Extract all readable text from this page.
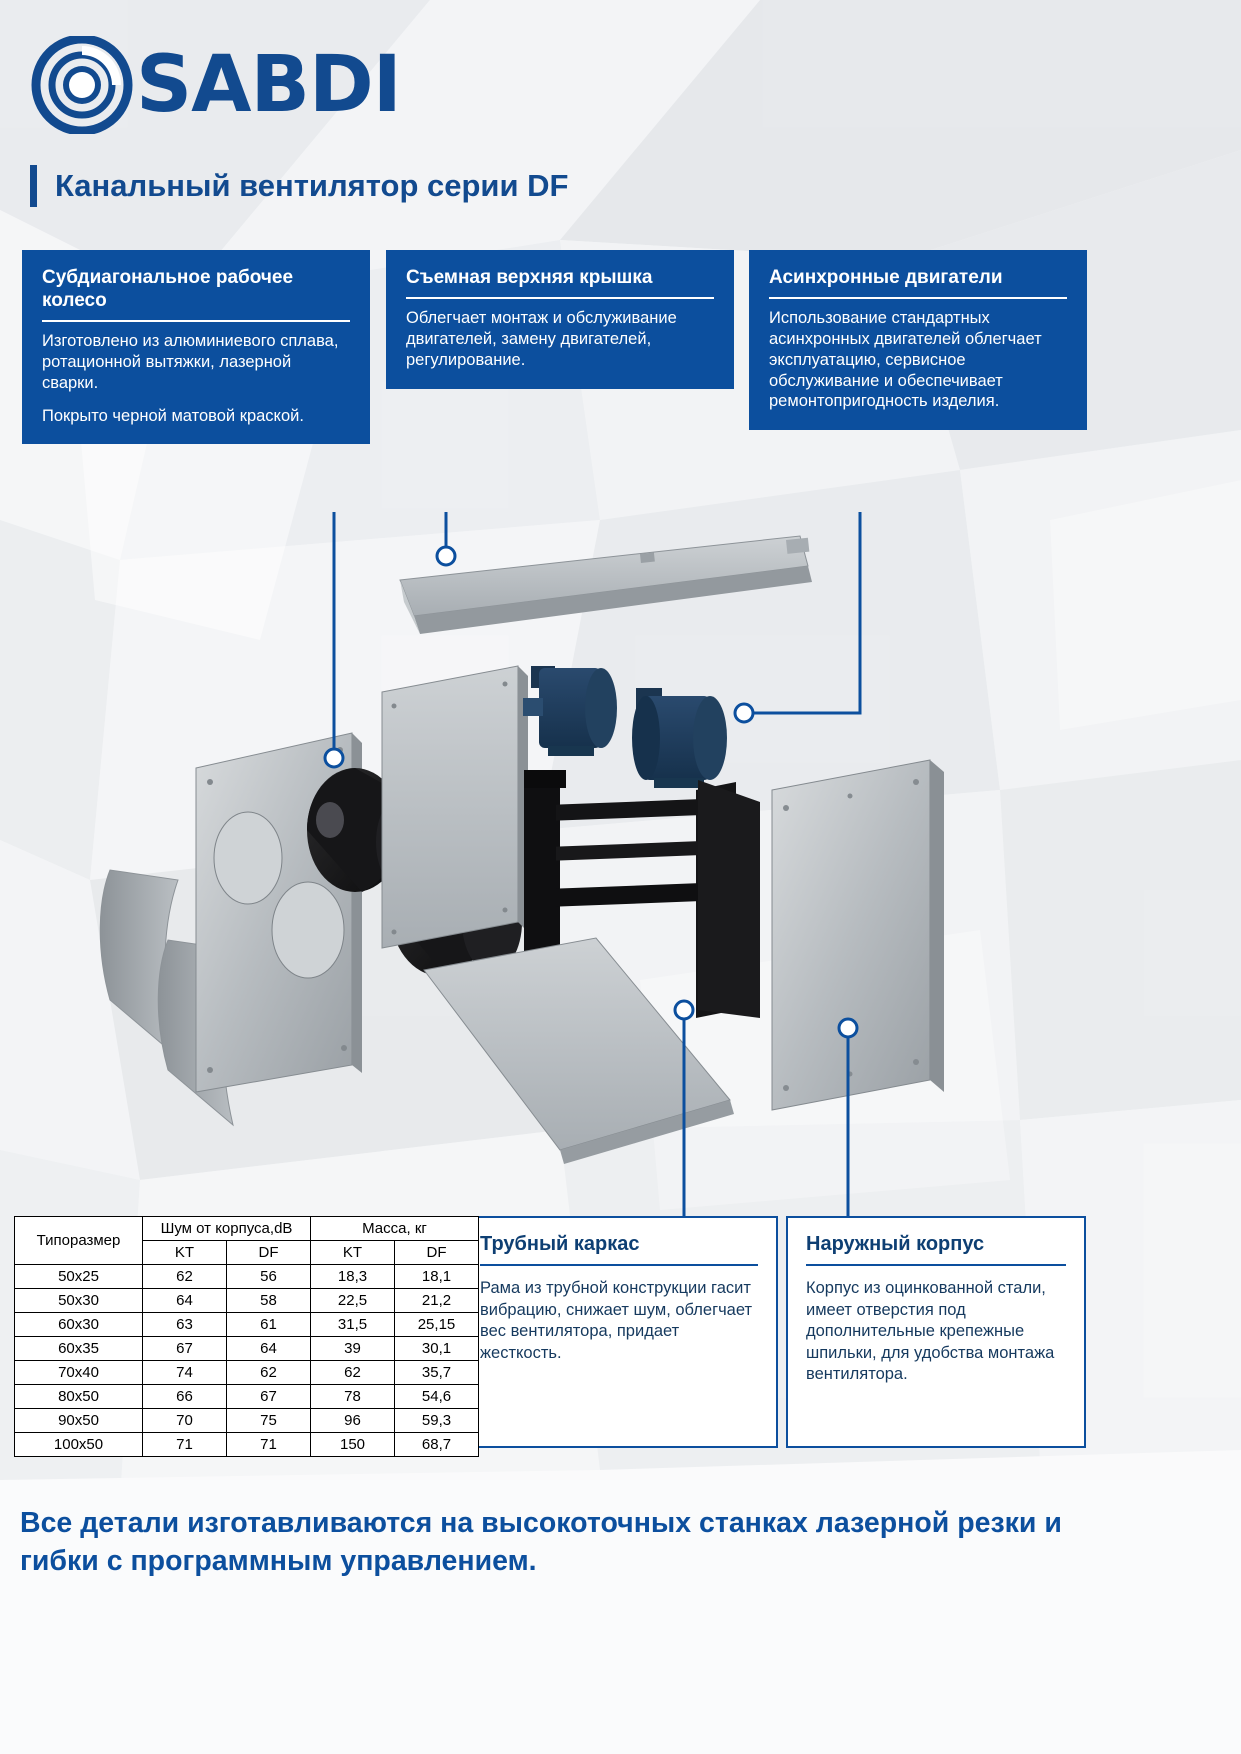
SABDI
Канальный вентилятор серии DF
Субдиагональное рабочее колесо

Изготовлено из алюминиевого сплава, ротационной вытяжки, лазерной сварки.

Покрыто черной матовой краской.

Съемная верхняя крышка

Облегчает монтаж и обслуживание двигателей, замену двигателей, регулирование.

Асинхронные двигатели

Использование стандартных асинхронных двигателей облегчает эксплуатацию, сервисное обслуживание и обеспечивает ремонтопригодность изделия.

Трубный каркас

Рама из трубной конструкции гасит вибрацию, снижает шум, облегчает вес вентилятора, придает жесткость.

Наружный корпус

Корпус из оцинкованной стали, имеет отверстия под дополнительные крепежные шпильки, для удобства монтажа вентилятора.

Типоразмер	Шум от корпуса,dB		Масса, кг	
	KT	DF	KT	DF
50x25	62	56	18,3	18,1
50x30	64	58	22,5	21,2
60x30	63	61	31,5	25,15
60x35	67	64	39	30,1
70x40	74	62	62	35,7
80x50	66	67	78	54,6
90x50	70	75	96	59,3
100x50	71	71	150	68,7
Все детали изготавливаются на высокоточных станках лазерной резки и гибки с программным управлением.
